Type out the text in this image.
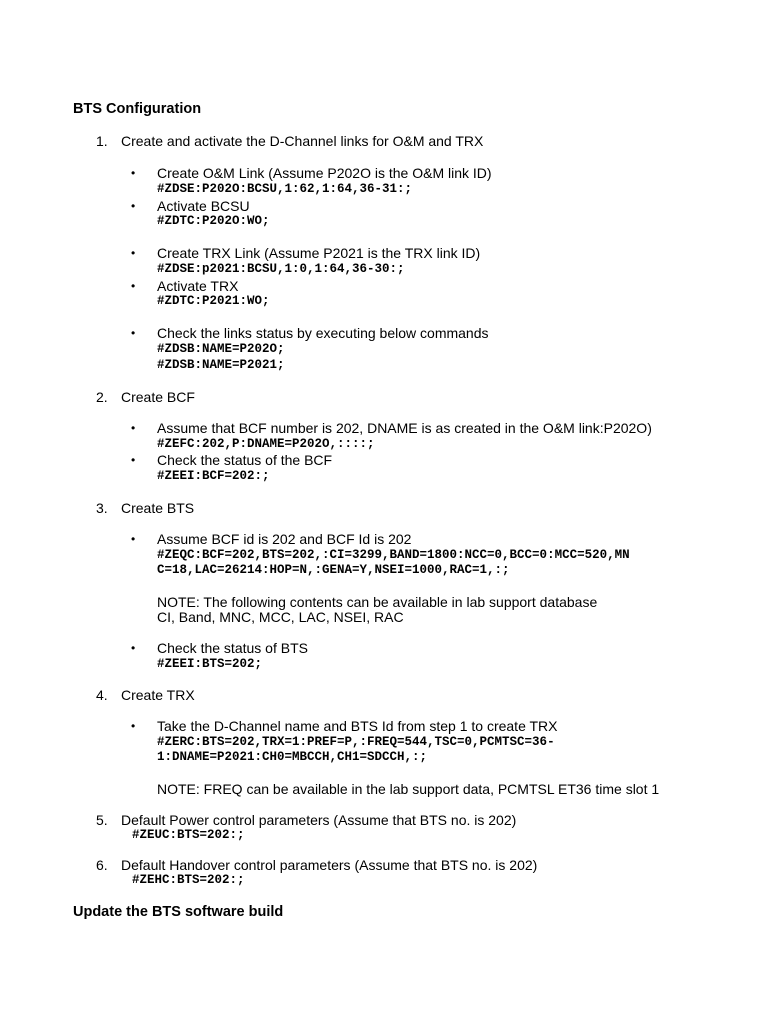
BTS Configuration
1. Create and activate the D-Channel links for O&M and TRX
• Create O&M Link (Assume P202O is the O&M link ID)
#ZDSE:P202O:BCSU,1:62,1:64,36-31:;
• Activate BCSU
#ZDTC:P202O:WO;
• Create TRX Link (Assume P2021 is the TRX link ID)
#ZDSE:p2021:BCSU,1:0,1:64,36-30:;
• Activate TRX
#ZDTC:P2021:WO;
• Check the links status by executing below commands
#ZDSB:NAME=P202O;
#ZDSB:NAME=P2021;
2. Create BCF
• Assume that BCF number is 202, DNAME is as created in the O&M link:P202O)
#ZEFC:202,P:DNAME=P202O,::::;
• Check the status of the BCF
#ZEEI:BCF=202:;
3. Create BTS
• Assume BCF id is 202 and BCF Id is 202
#ZEQC:BCF=202,BTS=202,:CI=3299,BAND=1800:NCC=0,BCC=0:MCC=520,MN
C=18,LAC=26214:HOP=N,:GENA=Y,NSEI=1000,RAC=1,:;
NOTE: The following contents can be available in lab support database
CI, Band, MNC, MCC, LAC, NSEI, RAC
• Check the status of BTS
#ZEEI:BTS=202;
4. Create TRX
• Take the D-Channel name and BTS Id from step 1 to create TRX
#ZERC:BTS=202,TRX=1:PREF=P,:FREQ=544,TSC=0,PCMTSC=36-
1:DNAME=P2021:CH0=MBCCH,CH1=SDCCH,:;
NOTE: FREQ can be available in the lab support data, PCMTSL ET36 time slot 1
5. Default Power control parameters (Assume that BTS no. is 202)
#ZEUC:BTS=202:;
6. Default Handover control parameters (Assume that BTS no. is 202)
#ZEHC:BTS=202:;
Update the BTS software build
